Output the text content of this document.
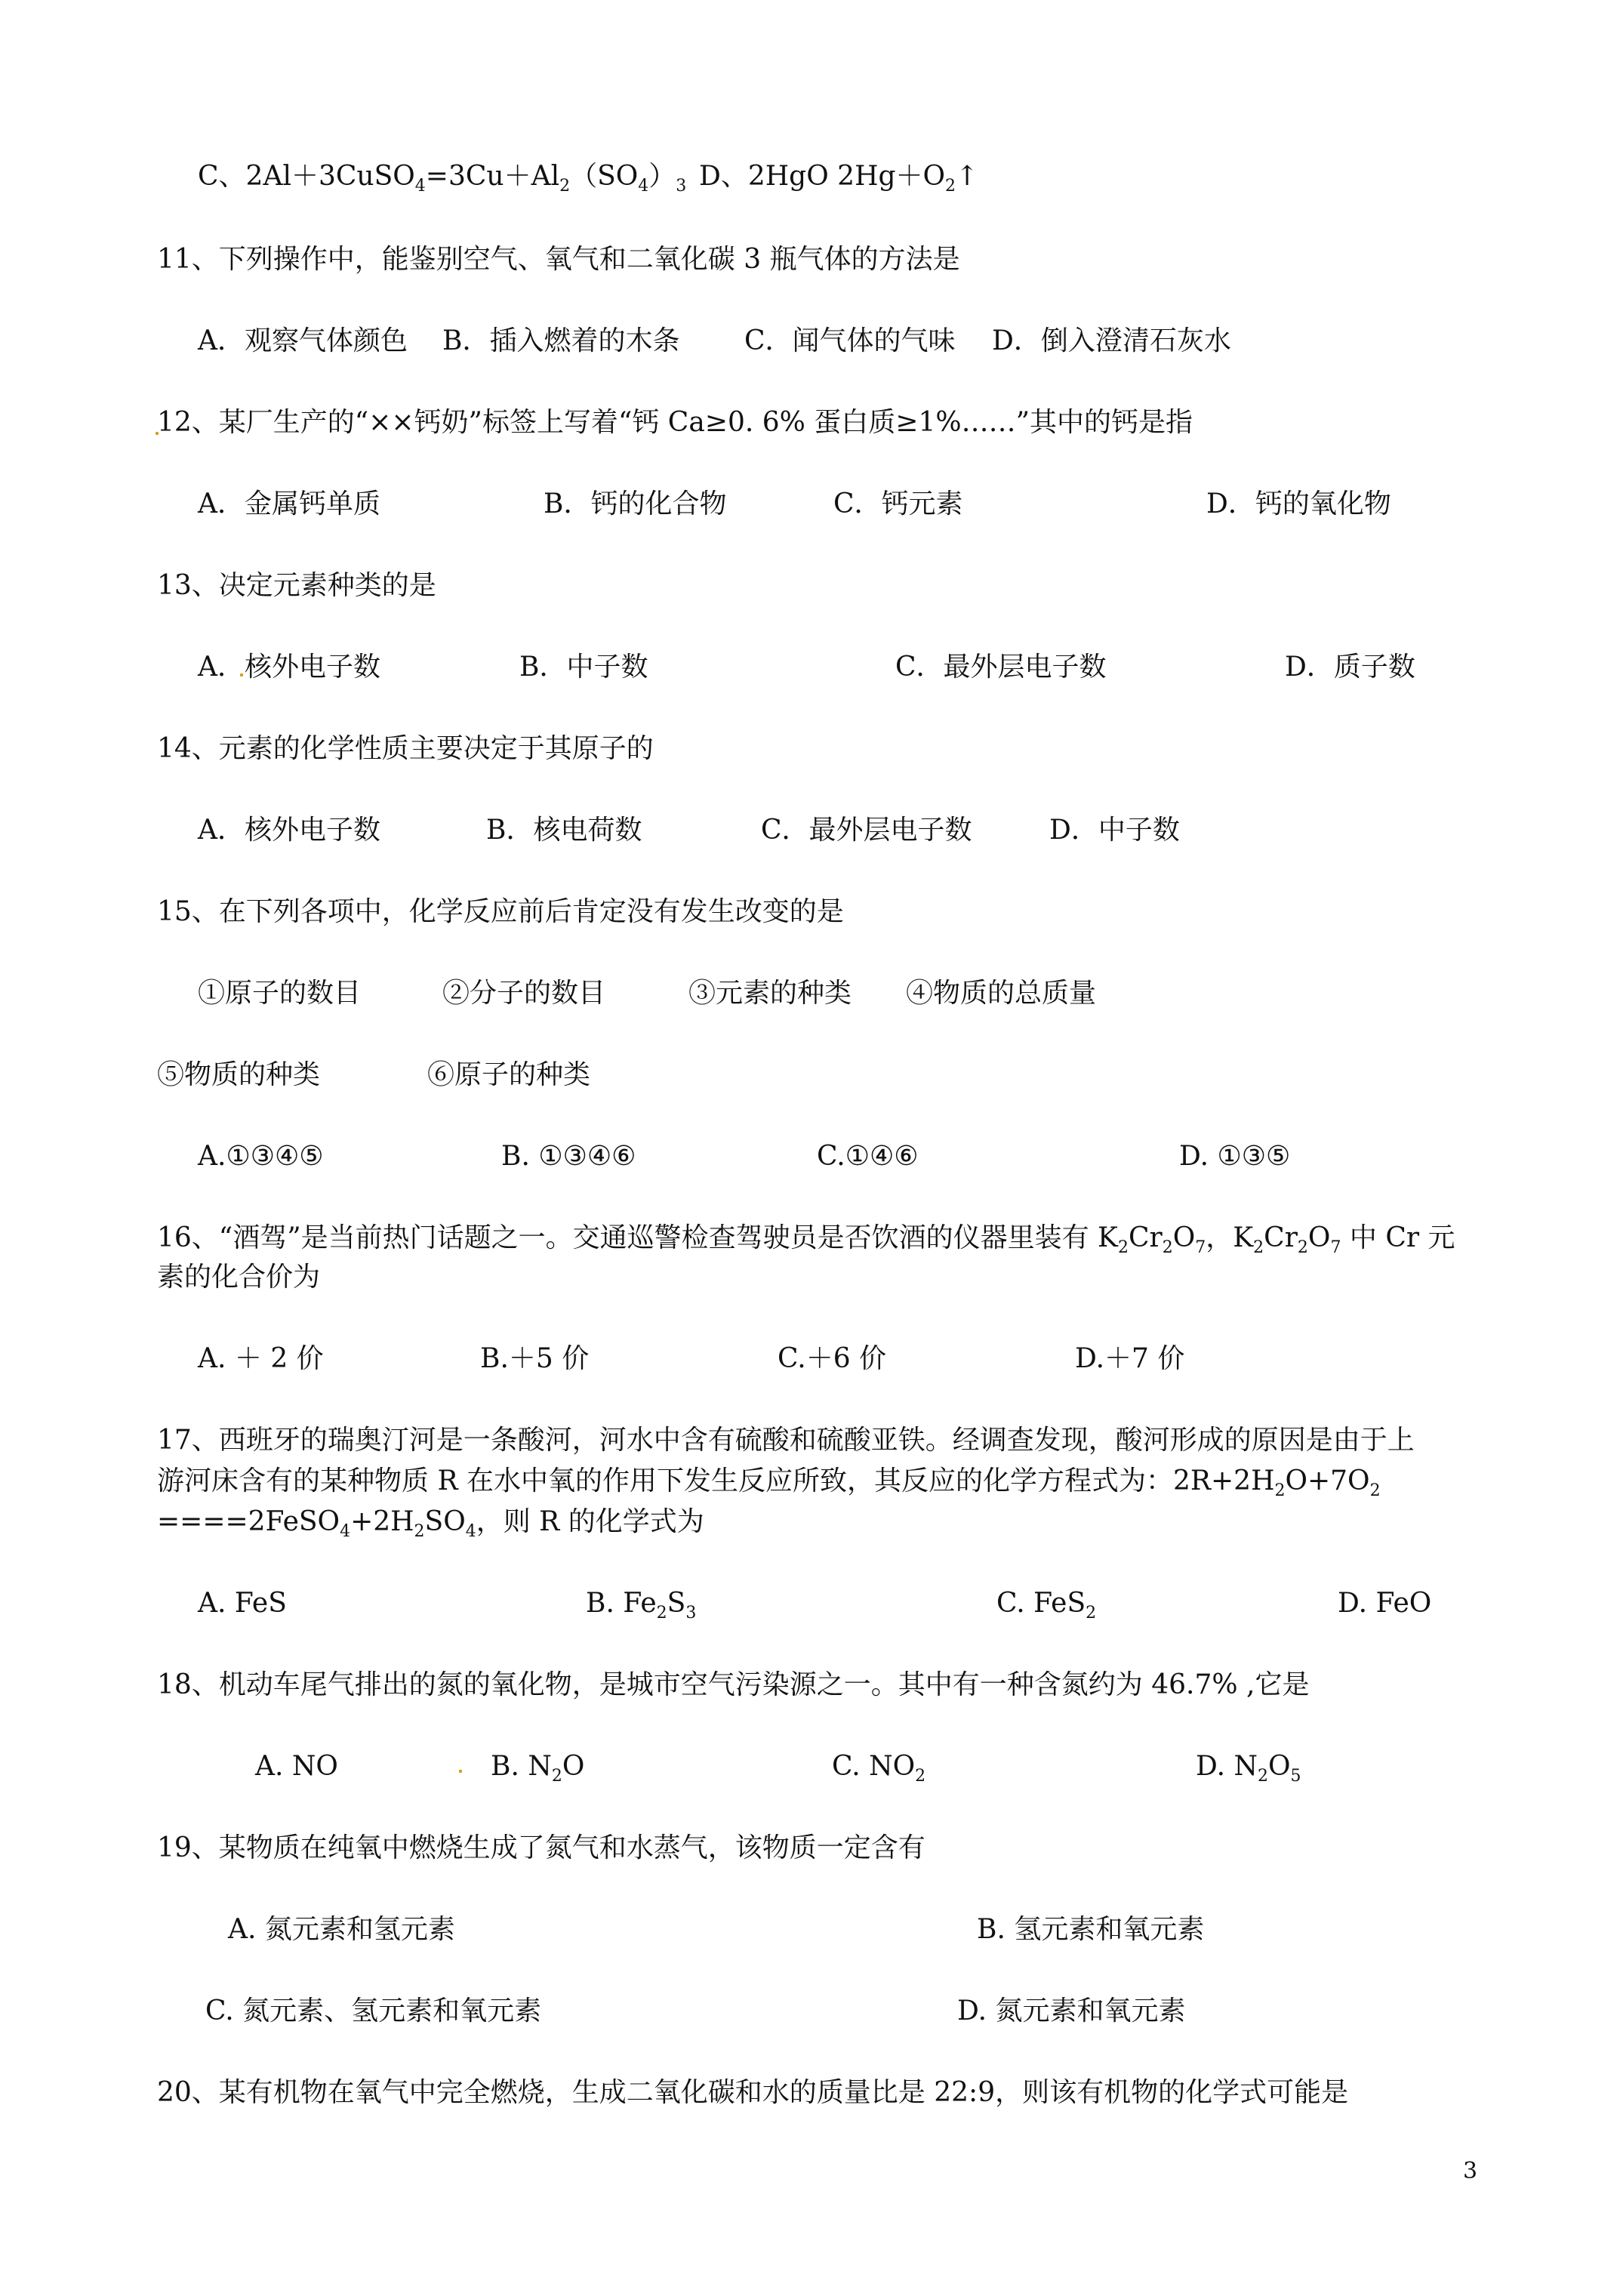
C、$2Al+3CuSO_4=3Cu+Al_2(SO_4)_3$ D、2HgO $2Hg+O_2↑$
11、下列操作中，能鉴别空气、氧气和二氧化碳 3 瓶气体的方法是
A．观察气体颜色 B．插入燃着的木条 C．闻气体的气味 D．倒入澄清石灰水
12、某厂生产的“××钙奶”标签上写着“钙 Ca≥0. 6% 蛋白质≥1%……”其中的钙是指
A．金属钙单质	B．钙的化合物	C．钙元素	D．钙的氧化物
13、决定元素种类的是
A．核外电子数	B．中子数	C．最外层电子数	D．质子数
14、元素的化学性质主要决定于其原子的
A．核外电子数	B．核电荷数	C．最外层电子数	D．中子数
15、在下列各项中，化学反应前后肯定没有发生改变的是
①原子的数目	②分子的数目	③元素的种类 ④物质的总质量
⑤物质的种类	⑥原子的种类
A.①③④⑤	B. ①③④⑥	C.①④⑥	D. ①③⑤
16、“酒驾”是当前热门话题之一。交通巡警检查驾驶员是否饮酒的仪器里装有 $K_2Cr_2O_7$，$K_2Cr_2O_7$ 中 Cr 元
素的化合价为
A. ＋ 2 价	B.＋5 价	C.＋6 价	D.＋7 价
17、西班牙的瑞奥汀河是一条酸河，河水中含有硫酸和硫酸亚铁。经调查发现，酸河形成的原因是由于上
游河床含有的某种物质 R 在水中氧的作用下发生反应所致，其反应的化学方程式为：$2R+2H_2O+7O_2$
$====2FeSO_4+2H_2SO_4$，则 R 的化学式为
A. FeS	B. $Fe_2S_3$	C. FeS$_2$	D. FeO
18、机动车尾气排出的氮的氧化物，是城市空气污染源之一。其中有一种含氮约为 46.7% ,它是
A. NO	B. $N_2O$	C. $NO_2$	D. $N_2O_5$
19、某物质在纯氧中燃烧生成了氮气和水蒸气，该物质一定含有
A. 氮元素和氢元素	B. 氢元素和氧元素
C. 氮元素、氢元素和氧元素	D. 氮元素和氧元素
20、某有机物在氧气中完全燃烧，生成二氧化碳和水的质量比是 22:9，则该有机物的化学式可能是
3
